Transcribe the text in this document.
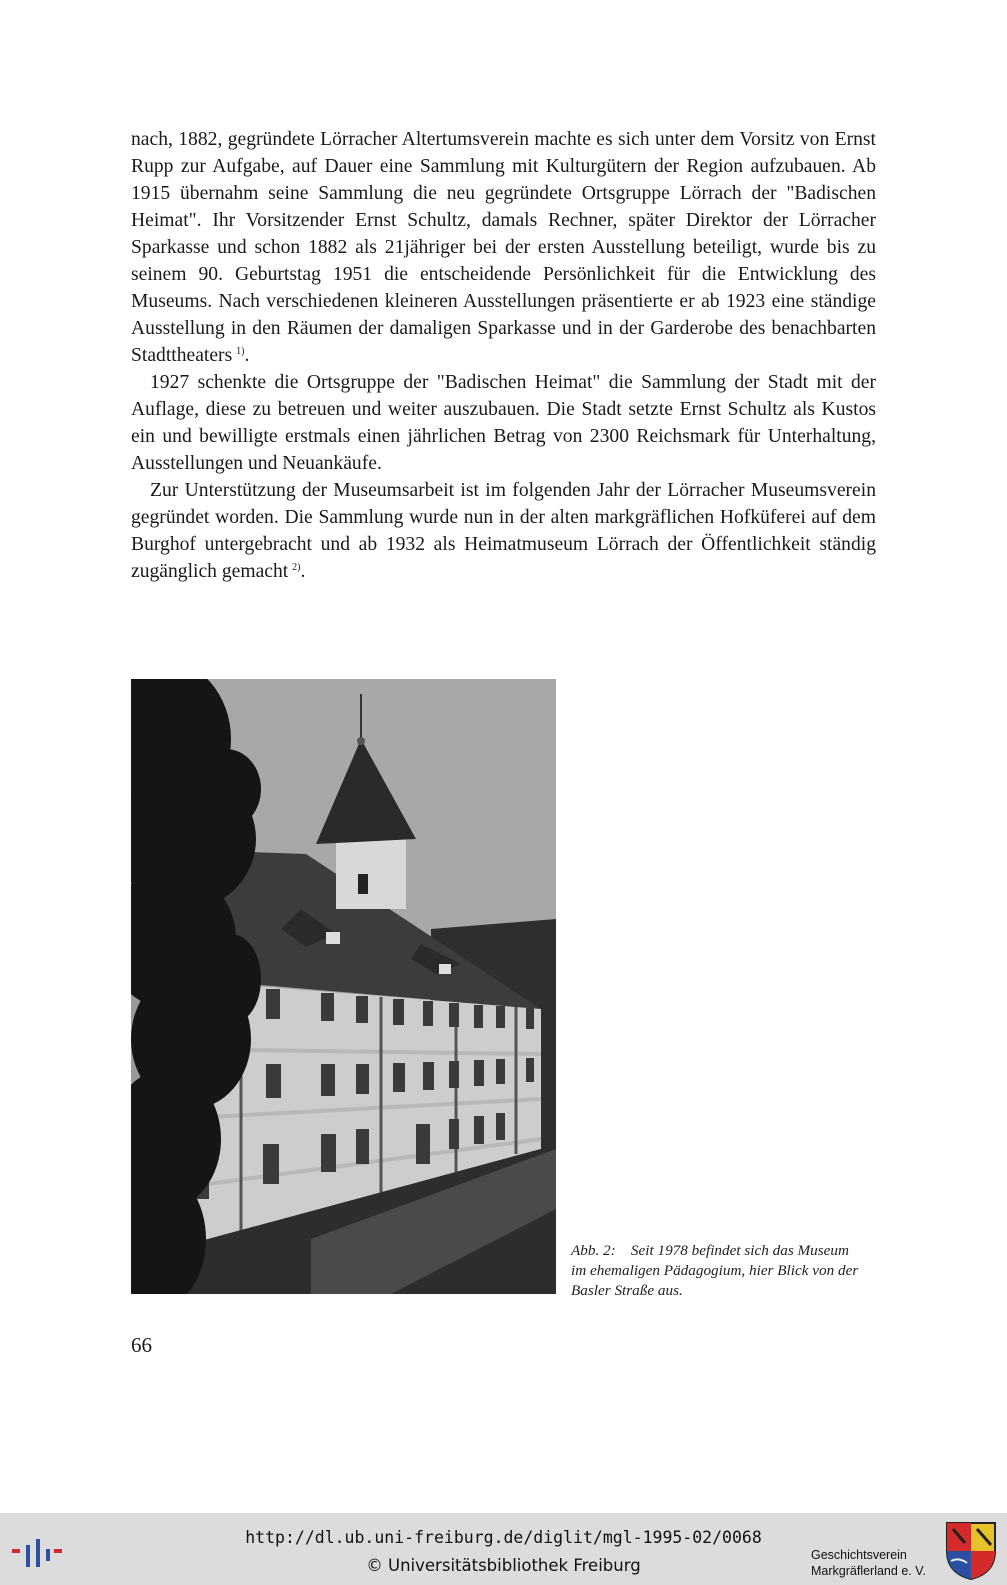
nach, 1882, gegründete Lörracher Altertumsverein machte es sich unter dem Vorsitz von Ernst Rupp zur Aufgabe, auf Dauer eine Sammlung mit Kulturgütern der Region aufzubauen. Ab 1915 übernahm seine Sammlung die neu gegründete Ortsgruppe Lörrach der "Badischen Heimat". Ihr Vorsitzender Ernst Schultz, damals Rechner, später Direktor der Lörracher Sparkasse und schon 1882 als 21jähriger bei der ersten Ausstellung beteiligt, wurde bis zu seinem 90. Geburtstag 1951 die entscheidende Persönlichkeit für die Entwicklung des Museums. Nach verschiedenen kleineren Ausstellungen präsentierte er ab 1923 eine ständige Ausstellung in den Räumen der damaligen Sparkasse und in der Garderobe des benachbarten Stadttheaters  $^{1)}$.

1927 schenkte die Ortsgruppe der "Badischen Heimat" die Sammlung der Stadt mit der Auflage, diese zu betreuen und weiter auszubauen. Die Stadt setzte Ernst Schultz als Kustos ein und bewilligte erstmals einen jährlichen Betrag von 2300 Reichsmark für Unterhaltung, Ausstellungen und Neuankäufe.

Zur Unterstützung der Museumsarbeit ist im folgenden Jahr der Lörracher Museumsverein gegründet worden. Die Sammlung wurde nun in der alten markgräflichen Hofküferei auf dem Burghof untergebracht und ab 1932 als Heimatmuseum Lörrach der Öffentlichkeit ständig zugänglich gemacht  $^{2)}$.

Abb. 2: Seit 1978 befindet sich das Museum im ehemaligen Pädagogium, hier Blick von der Basler Straße aus.
66
http://dl.ub.uni-freiburg.de/diglit/mgl-1995-02/0068
© Universitätsbibliothek Freiburg
Geschichtsverein
Markgräflerland e. V.
